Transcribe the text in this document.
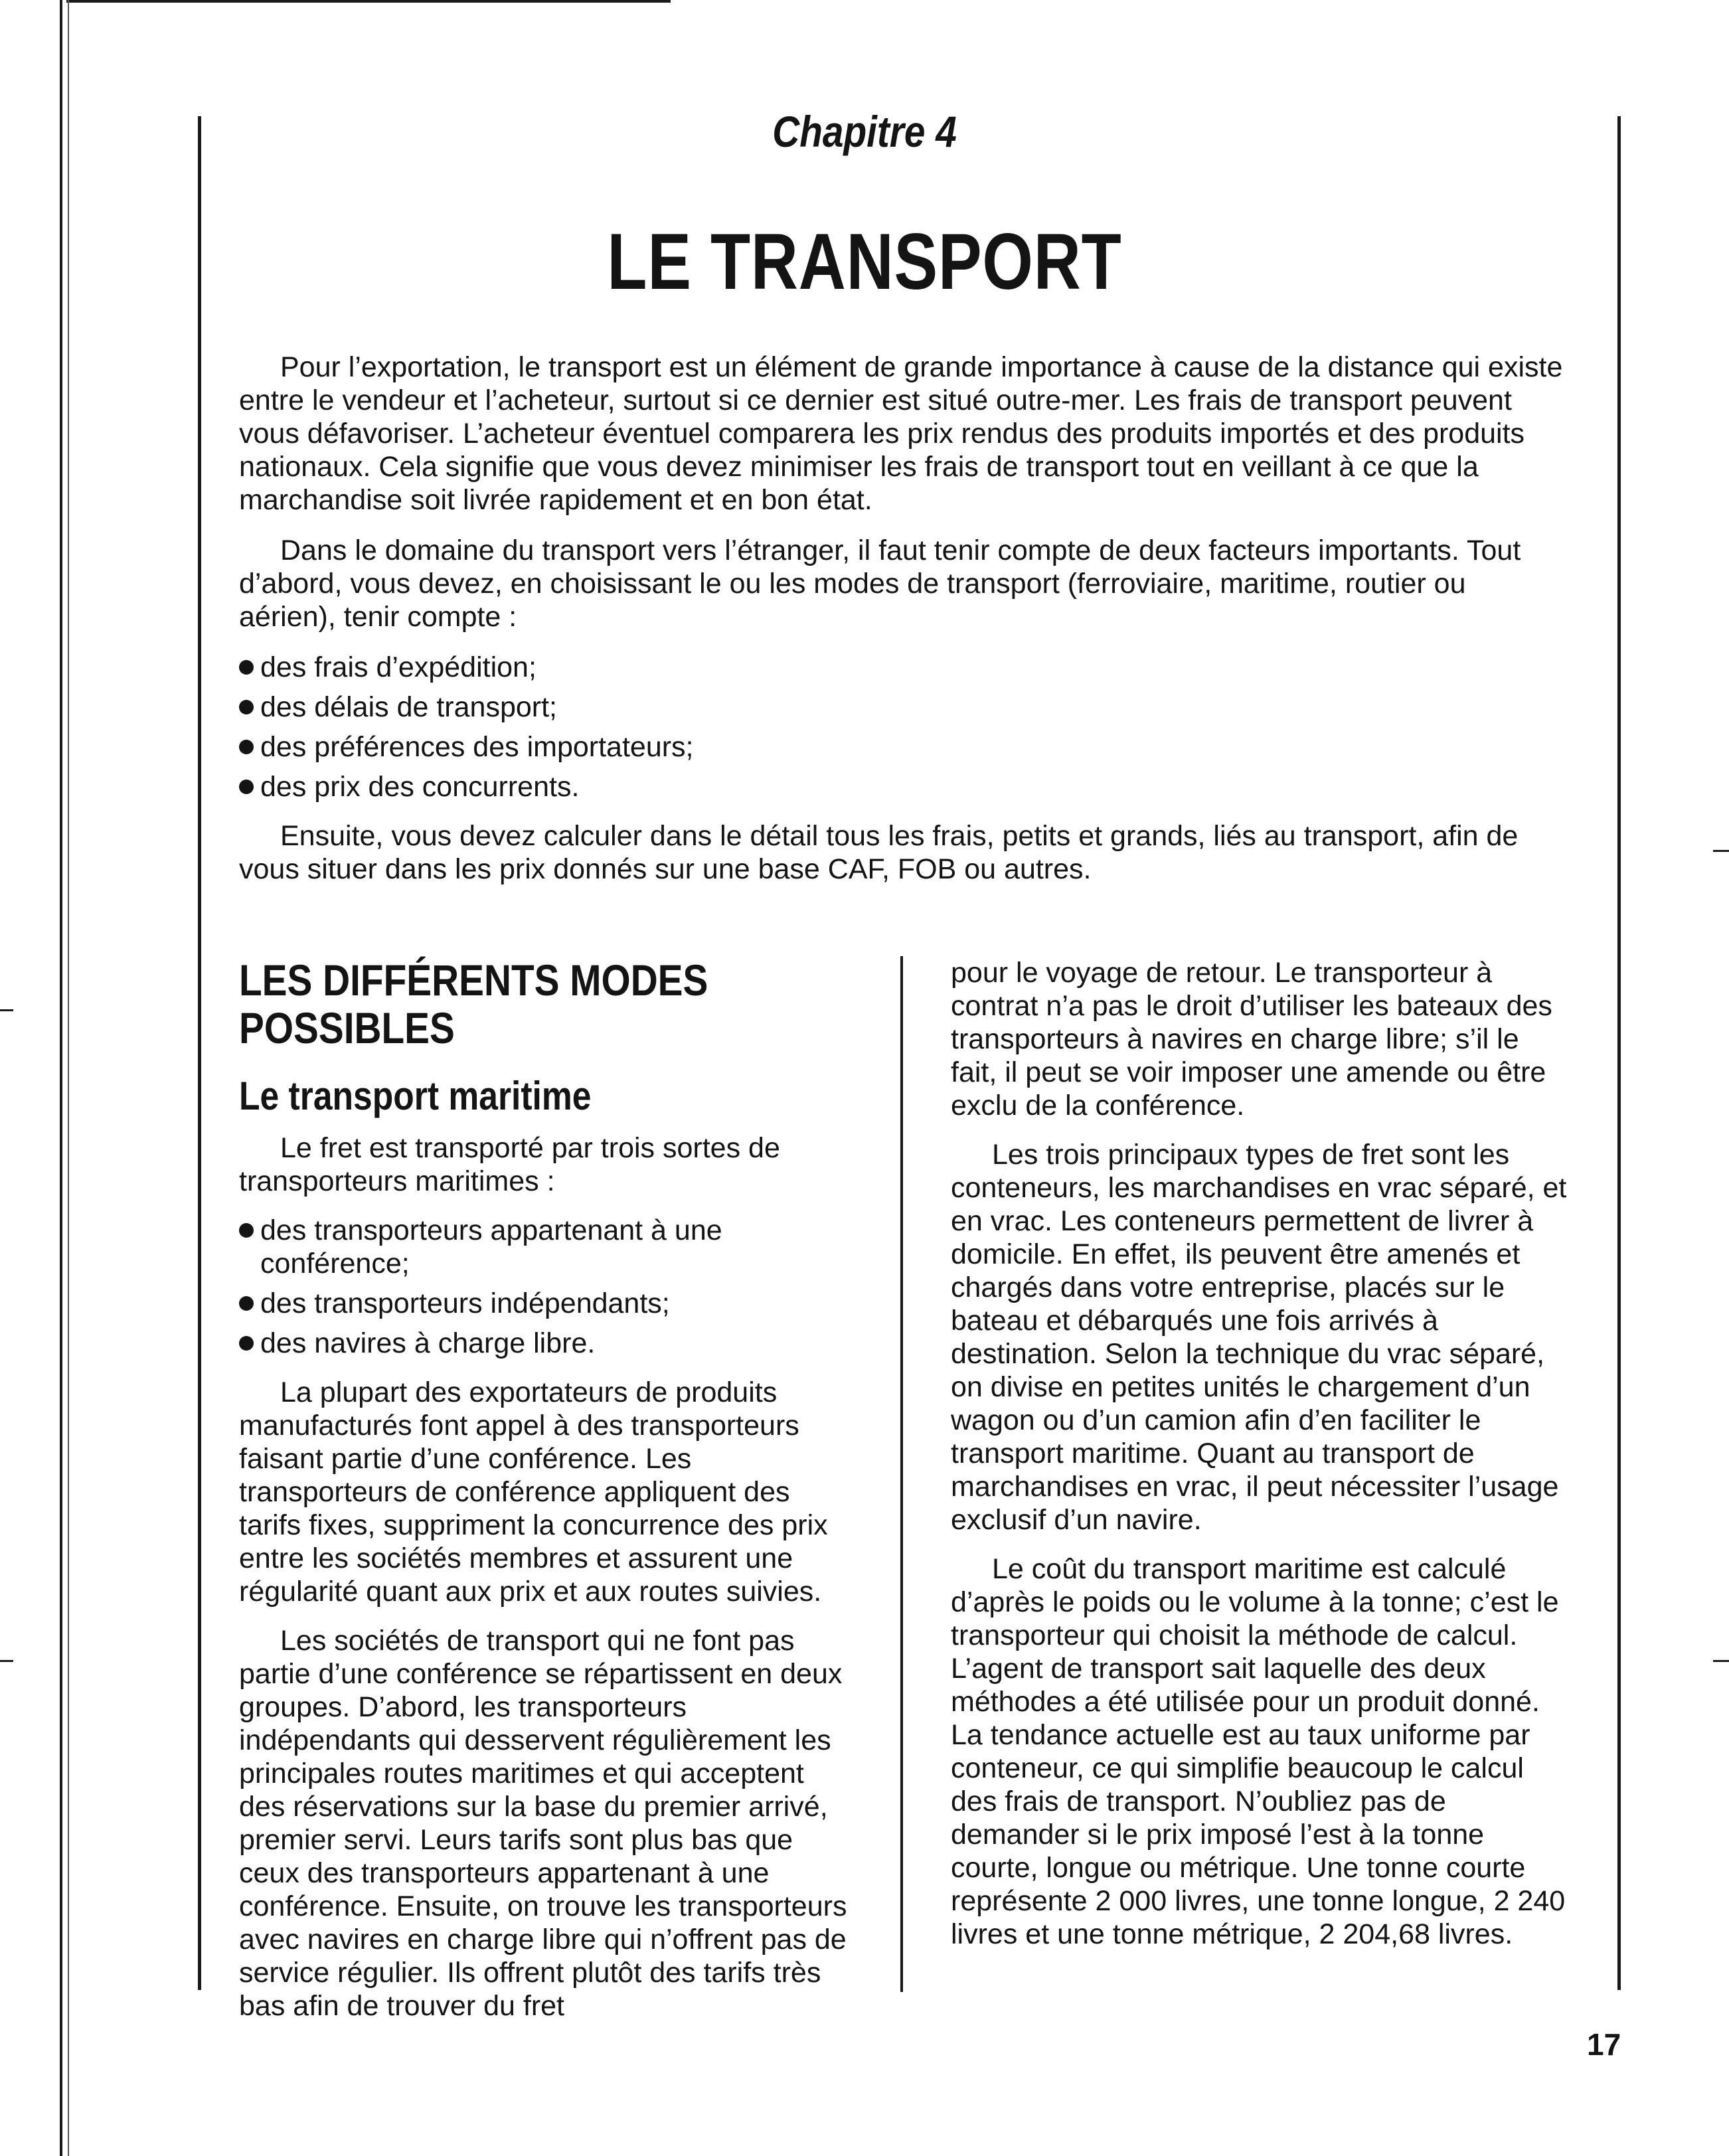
Chapitre 4
LE TRANSPORT

Pour l’exportation, le transport est un élément de grande importance à cause de la distance qui existe entre le vendeur et l’acheteur, surtout si ce dernier est situé outre-mer. Les frais de transport peuvent vous défavoriser. L’acheteur éventuel comparera les prix rendus des produits importés et des produits nationaux. Cela signifie que vous devez minimiser les frais de transport tout en veillant à ce que la marchandise soit livrée rapidement et en bon état.

Dans le domaine du transport vers l’étranger, il faut tenir compte de deux facteurs importants. Tout d’abord, vous devez, en choisissant le ou les modes de transport (ferroviaire, maritime, routier ou aérien), tenir compte :

des frais d’expédition;
des délais de transport;
des préférences des importateurs;
des prix des concurrents.

Ensuite, vous devez calculer dans le détail tous les frais, petits et grands, liés au transport, afin de vous situer dans les prix donnés sur une base CAF, FOB ou autres.

LES DIFFÉRENTS MODES POSSIBLES
Le transport maritime

Le fret est transporté par trois sortes de transporteurs maritimes :

des transporteurs appartenant à une conférence;
des transporteurs indépendants;
des navires à charge libre.

La plupart des exportateurs de produits manufacturés font appel à des transporteurs faisant partie d’une conférence. Les transporteurs de conférence appliquent des tarifs fixes, suppriment la concurrence des prix entre les sociétés membres et assurent une régularité quant aux prix et aux routes suivies.

Les sociétés de transport qui ne font pas partie d’une conférence se répartissent en deux groupes. D’abord, les transporteurs indépendants qui desservent régulièrement les principales routes maritimes et qui acceptent des réservations sur la base du premier arrivé, premier servi. Leurs tarifs sont plus bas que ceux des transporteurs appartenant à une conférence. Ensuite, on trouve les transporteurs avec navires en charge libre qui n’offrent pas de service régulier. Ils offrent plutôt des tarifs très bas afin de trouver du fret

pour le voyage de retour. Le transporteur à contrat n’a pas le droit d’utiliser les bateaux des transporteurs à navires en charge libre; s’il le fait, il peut se voir imposer une amende ou être exclu de la conférence.

Les trois principaux types de fret sont les conteneurs, les marchandises en vrac séparé, et en vrac. Les conteneurs permettent de livrer à domicile. En effet, ils peuvent être amenés et chargés dans votre entreprise, placés sur le bateau et débarqués une fois arrivés à destination. Selon la technique du vrac séparé, on divise en petites unités le chargement d’un wagon ou d’un camion afin d’en faciliter le transport maritime. Quant au transport de marchandises en vrac, il peut nécessiter l’usage exclusif d’un navire.

Le coût du transport maritime est calculé d’après le poids ou le volume à la tonne; c’est le transporteur qui choisit la méthode de calcul. L’agent de transport sait laquelle des deux méthodes a été utilisée pour un produit donné. La tendance actuelle est au taux uniforme par conteneur, ce qui simplifie beaucoup le calcul des frais de transport. N’oubliez pas de demander si le prix imposé l’est à la tonne courte, longue ou métrique. Une tonne courte représente 2 000 livres, une tonne longue, 2 240 livres et une tonne métrique, 2 204,68 livres.

17
